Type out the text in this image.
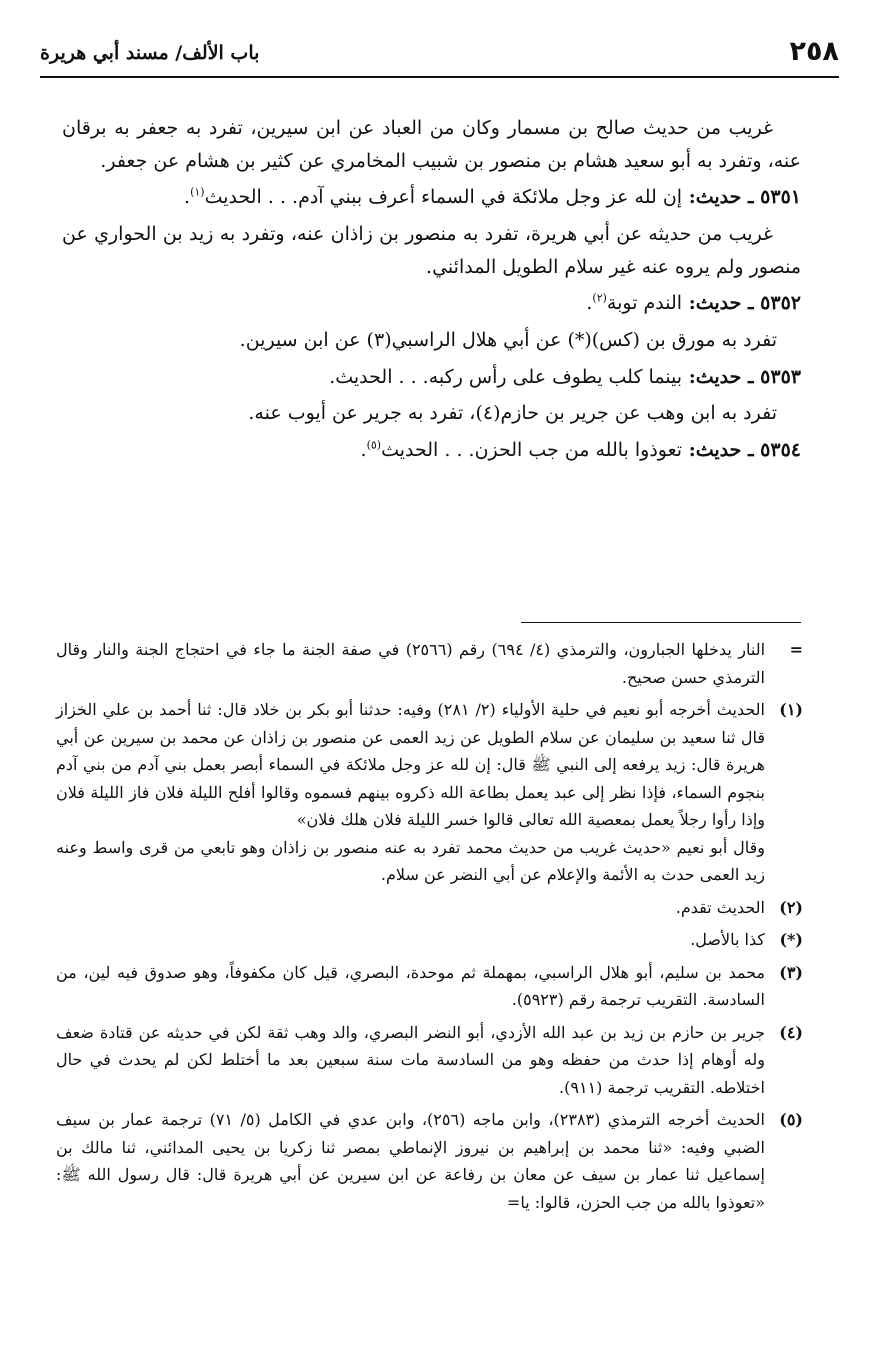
٢٥٨
باب الألف/ مسند أبي هريرة

غريب من حديث صالح بن مسمار وكان من العباد عن ابن سيرين، تفرد به جعفر به برقان عنه، وتفرد به أبو سعيد هشام بن منصور بن شبيب المخامري عن كثير بن هشام عن جعفر.

٥٣٥١ ـ حديث: إن لله عز وجل ملائكة في السماء أعرف ببني آدم. . . الحديث$^{(١)}$.

غريب من حديثه عن أبي هريرة، تفرد به منصور بن زاذان عنه، وتفرد به زيد بن الحواري عن منصور ولم يروه عنه غير سلام الطويل المدائني.

٥٣٥٢ ـ حديث: الندم توبة$^{(٢)}$.

تفرد به مورق بن (كس)(*) عن أبي هلال الراسبي(٣) عن ابن سيرين.

٥٣٥٣ ـ حديث: بينما كلب يطوف على رأس ركبه. . . الحديث.

تفرد به ابن وهب عن جرير بن حازم(٤)، تفرد به جرير عن أيوب عنه.

٥٣٥٤ ـ حديث: تعوذوا بالله من جب الحزن. . . الحديث$^{(٥)}$.

=

النار يدخلها الجبارون، والترمذي (٤/ ٦٩٤) رقم (٢٥٦٦) في صفة الجنة ما جاء في احتجاج الجنة والنار وقال الترمذي حسن صحيح.

(١)

الحديث أخرجه أبو نعيم في حلية الأولياء (٢/ ٢٨١) وفيه: حدثنا أبو بكر بن خلاد قال: ثنا أحمد بن علي الخزاز قال ثنا سعيد بن سليمان عن سلام الطويل عن زيد العمى عن منصور بن زاذان عن محمد بن سيرين عن أبي هريرة قال: زيد يرفعه إلى النبي ﷺ قال: إن لله عز وجل ملائكة في السماء أبصر بعمل بني آدم من بني آدم بنجوم السماء، فإذا نظر إلى عبد يعمل بطاعة الله ذكروه بينهم فسموه وقالوا أفلح الليلة فلان فاز الليلة فلان وإذا رأوا رجلاً يعمل بمعصية الله تعالى قالوا خسر الليلة فلان هلك فلان»

وقال أبو نعيم «حديث غريب من حديث محمد تفرد به عنه منصور بن زاذان وهو تابعي من قرى واسط وعنه زيد العمى حدث به الأئمة والإعلام عن أبي النضر عن سلام.

(٢)

الحديث تقدم.

(*)

كذا بالأصل.

(٣)

محمد بن سليم، أبو هلال الراسبي، بمهملة ثم موحدة، البصري، قيل كان مكفوفاً، وهو صدوق فيه لين، من السادسة. التقريب ترجمة رقم (٥٩٢٣).

(٤)

جرير بن حازم بن زيد بن عبد الله الأزدي، أبو النضر البصري، والد وهب ثقة لكن في حديثه عن قتادة ضعف وله أوهام إذا حدث من حفظه وهو من السادسة مات سنة سبعين بعد ما أختلط لكن لم يحدث في حال اختلاطه. التقريب ترجمة (٩١١).

(٥)

الحديث أخرجه الترمذي (٢٣٨٣)، وابن ماجه (٢٥٦)، وابن عدي في الكامل (٥/ ٧١) ترجمة عمار بن سيف الضبي وفيه: «ثنا محمد بن إبراهيم بن نيروز الإنماطي بمصر ثنا زكريا بن يحيى المدائني، ثنا مالك بن إسماعيل ثنا عمار بن سيف عن معان بن رفاعة عن ابن سيرين عن أبي هريرة قال: قال رسول الله ﷺ: «تعوذوا بالله من جب الحزن، قالوا: يا=
